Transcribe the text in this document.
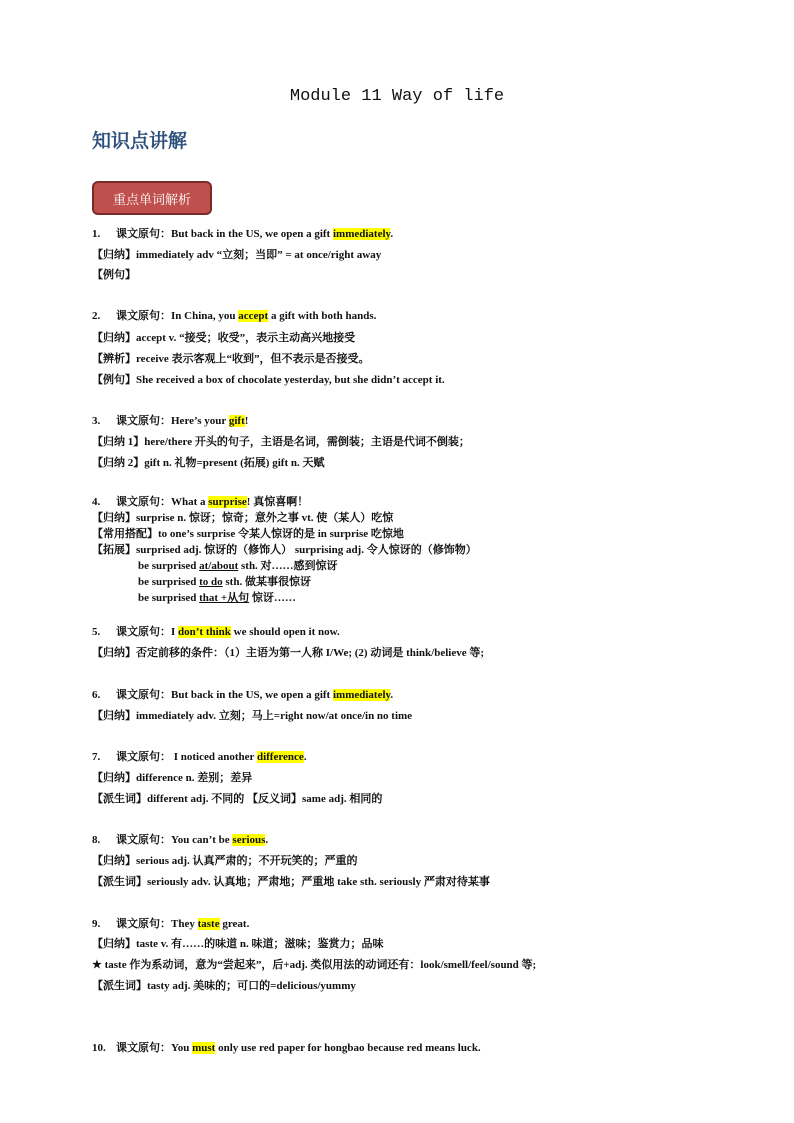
Module 11 Way of life
知识点讲解
重点单词解析
1. 课文原句：But back in the US, we open a gift immediately.
【归纳】immediately adv “立刻；当即” = at once/right away
【例句】
2. 课文原句：In China, you accept a gift with both hands.
【归纳】accept v. “接受；收受”，表示主动高兴地接受
【辨析】receive 表示客观上“收到”，但不表示是否接受。
【例句】She received a box of chocolate yesterday, but she didn’t accept it.
3. 课文原句：Here’s your gift!
【归纳 1】here/there 开头的句子，主语是名词，需倒装；主语是代词不倒装；
【归纳 2】gift n. 礼物=present (拓展) gift n. 天赋
4. 课文原句：What a surprise! 真惊喜啊！
【归纳】surprise n. 惊讶；惊奇；意外之事 vt. 使（某人）吃惊
【常用搭配】to one’s surprise 令某人惊讶的是 in surprise 吃惊地
【拓展】surprised adj. 惊讶的（修饰人） surprising adj. 令人惊讶的（修饰物）
be surprised at/about sth. 对……感到惊讶
be surprised to do sth. 做某事很惊讶
be surprised that +从句 惊讶……
5. 课文原句：I don’t think we should open it now.
【归纳】否定前移的条件：（1）主语为第一人称 I/We; (2) 动词是 think/believe 等;
6. 课文原句：But back in the US, we open a gift immediately.
【归纳】immediately adv. 立刻；马上=right now/at once/in no time
7. 课文原句： I noticed another difference.
【归纳】difference n. 差别；差异
【派生词】different adj. 不同的 【反义词】same adj. 相同的
8. 课文原句：You can’t be serious.
【归纳】serious adj. 认真严肃的；不开玩笑的；严重的
【派生词】seriously adv. 认真地；严肃地；严重地 take sth. seriously 严肃对待某事
9. 课文原句：They taste great.
【归纳】taste v. 有……的味道 n. 味道；滋味；鉴赏力；品味
★ taste 作为系动词，意为“尝起来”，后+adj. 类似用法的动词还有：look/smell/feel/sound 等;
【派生词】tasty adj. 美味的；可口的=delicious/yummy
10. 课文原句：You must only use red paper for hongbao because red means luck.
